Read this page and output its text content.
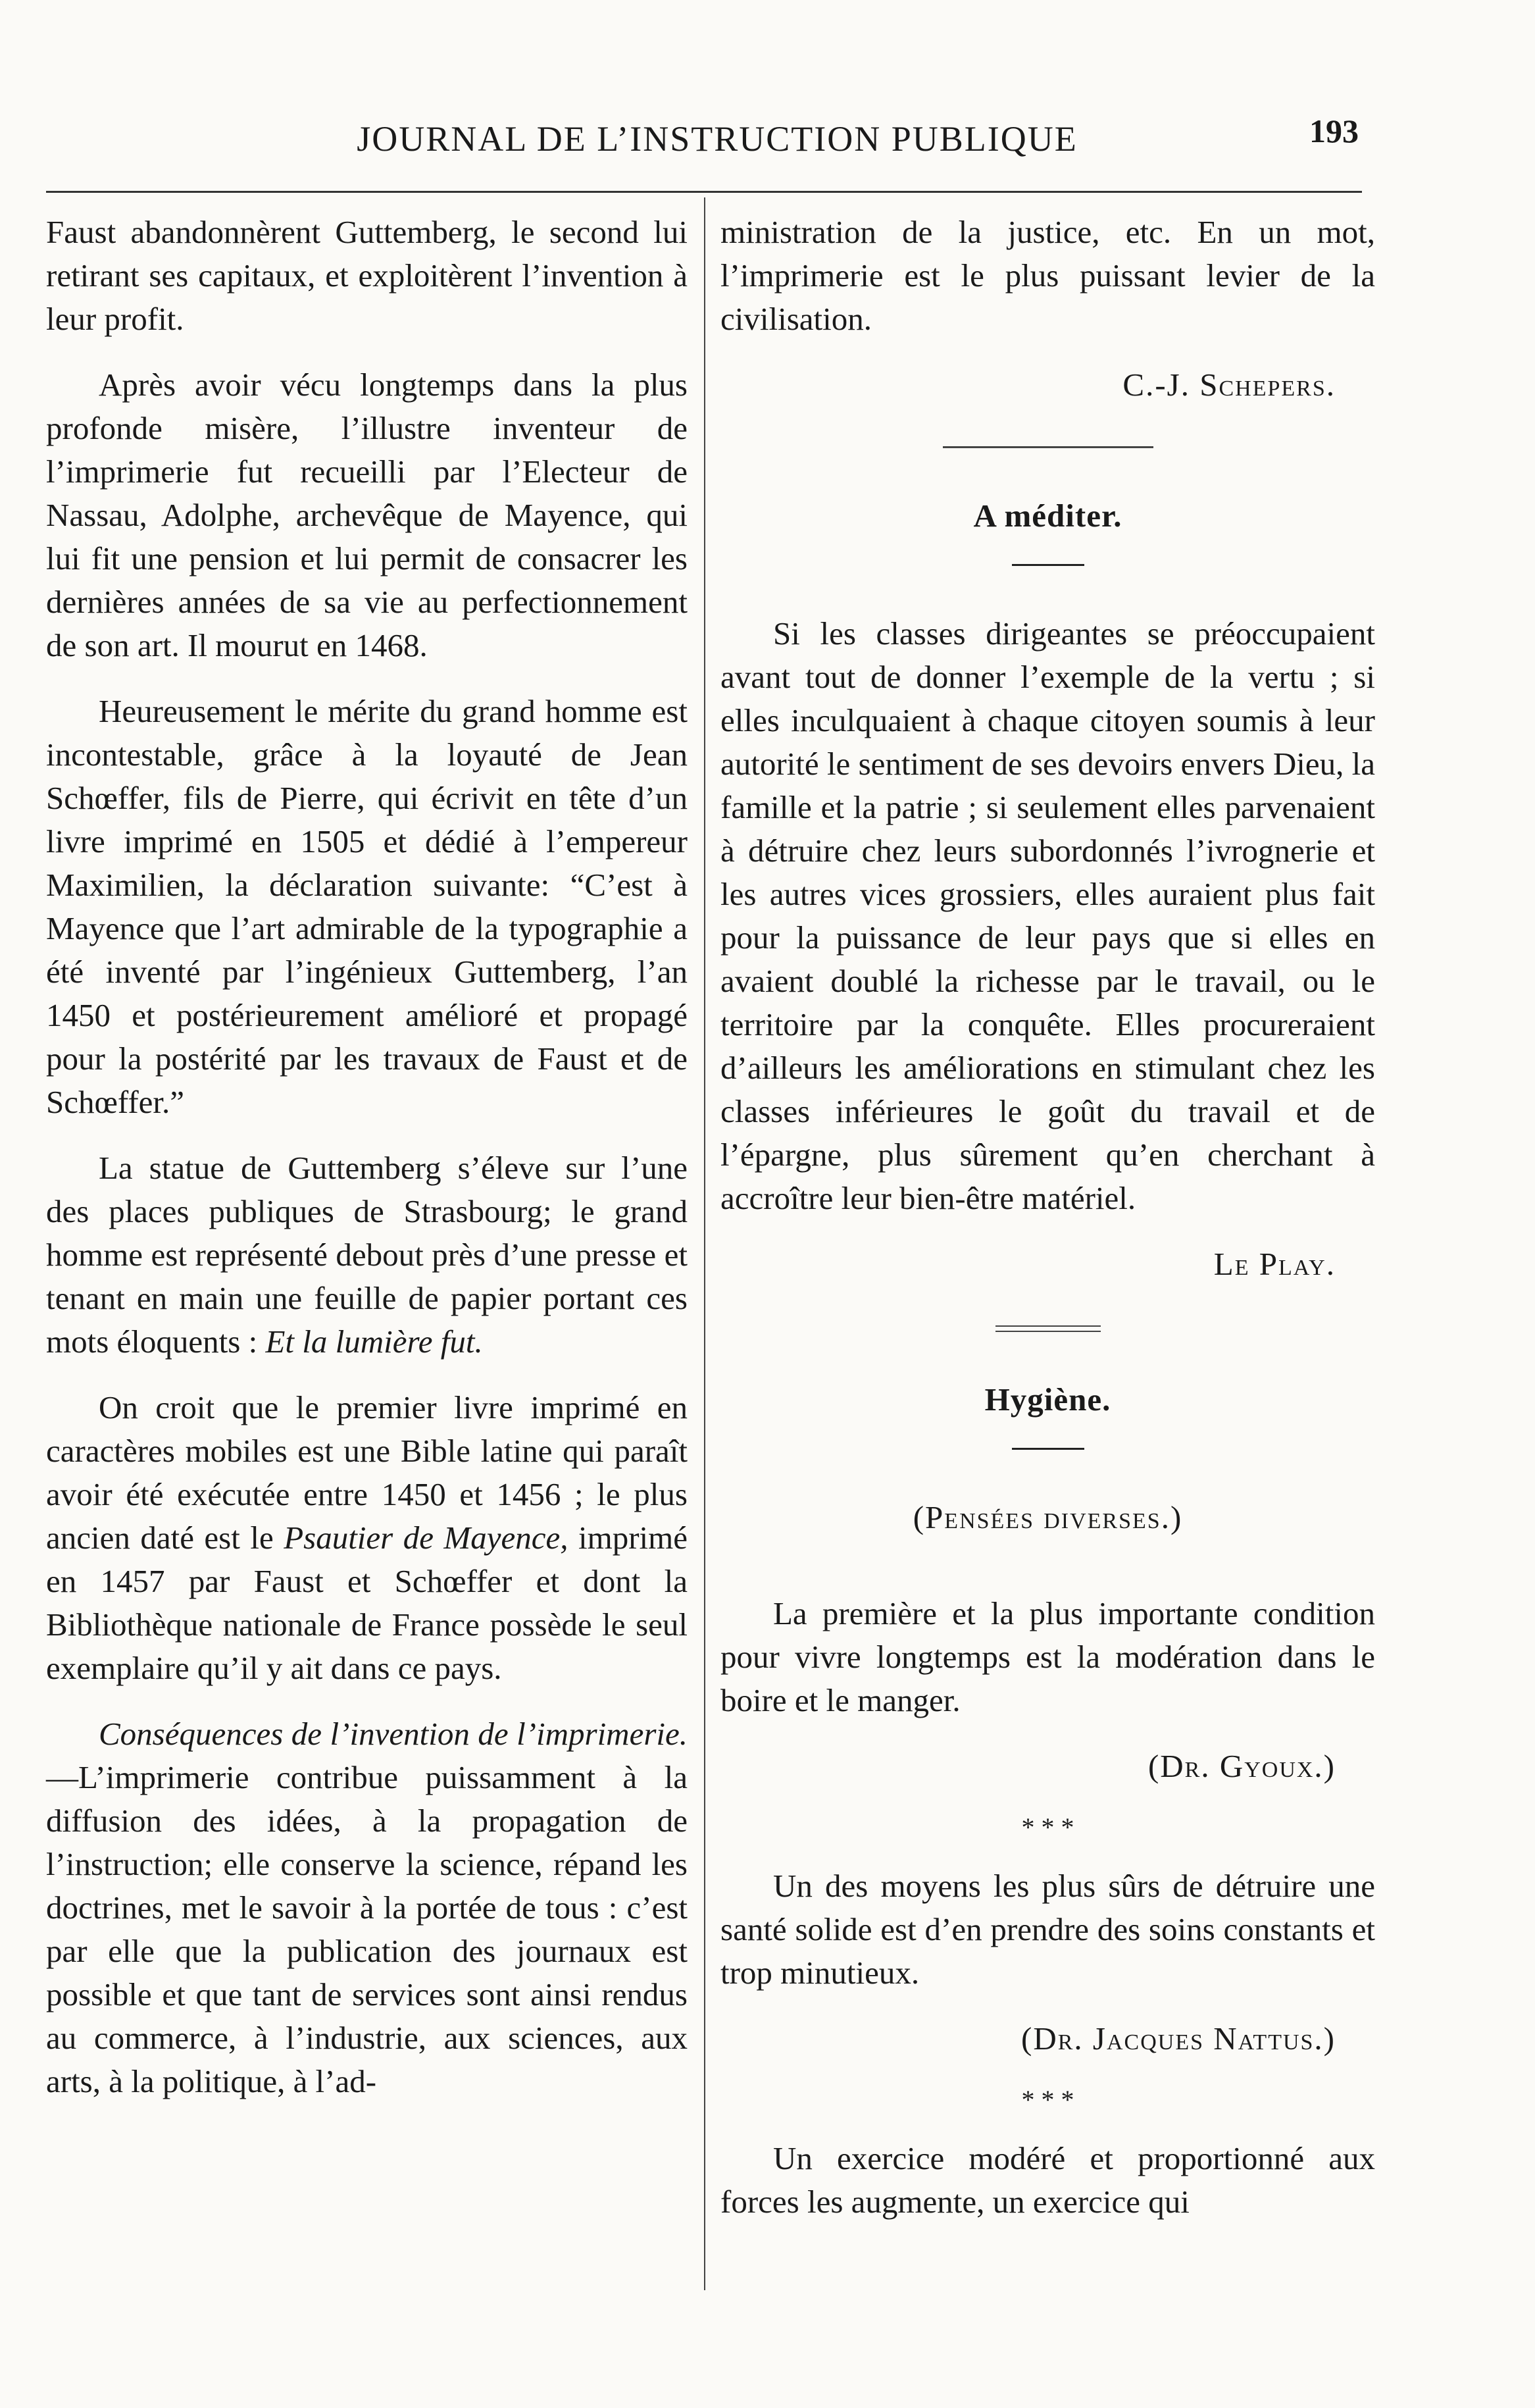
JOURNAL DE L’INSTRUCTION PUBLIQUE	193

Faust abandonnèrent Guttemberg, le second lui retirant ses capitaux, et exploitèrent l’invention à leur profit.

Après avoir vécu longtemps dans la plus profonde misère, l’illustre inventeur de l’imprimerie fut recueilli par l’Electeur de Nassau, Adolphe, archevêque de Mayence, qui lui fit une pension et lui permit de consacrer les dernières années de sa vie au perfectionnement de son art. Il mourut en 1468.

Heureusement le mérite du grand homme est incontestable, grâce à la loyauté de Jean Schœffer, fils de Pierre, qui écrivit en tête d’un livre imprimé en 1505 et dédié à l’empereur Maximilien, la déclaration suivante: “C’est à Mayence que l’art admirable de la typographie a été inventé par l’ingénieux Guttemberg, l’an 1450 et postérieurement amélioré et propagé pour la postérité par les travaux de Faust et de Schœffer.”

La statue de Guttemberg s’éleve sur l’une des places publiques de Strasbourg; le grand homme est représenté debout près d’une presse et tenant en main une feuille de papier portant ces mots éloquents : Et la lumière fut.

On croit que le premier livre imprimé en caractères mobiles est une Bible latine qui paraît avoir été exécutée entre 1450 et 1456 ; le plus ancien daté est le Psautier de Mayence, imprimé en 1457 par Faust et Schœffer et dont la Bibliothèque nationale de France possède le seul exemplaire qu’il y ait dans ce pays.

Conséquences de l’invention de l’imprimerie.—L’imprimerie contribue puissamment à la diffusion des idées, à la propagation de l’instruction; elle conserve la science, répand les doctrines, met le savoir à la portée de tous : c’est par elle que la publication des journaux est possible et que tant de services sont ainsi rendus au commerce, à l’industrie, aux sciences, aux arts, à la politique, à l’ad-

ministration de la justice, etc. En un mot, l’imprimerie est le plus puissant levier de la civilisation.

C.-J. Schepers.
A méditer.

Si les classes dirigeantes se préoccupaient avant tout de donner l’exemple de la vertu ; si elles inculquaient à chaque citoyen soumis à leur autorité le sentiment de ses devoirs envers Dieu, la famille et la patrie ; si seulement elles parvenaient à détruire chez leurs subordonnés l’ivrognerie et les autres vices grossiers, elles auraient plus fait pour la puissance de leur pays que si elles en avaient doublé la richesse par le travail, ou le territoire par la conquête. Elles procureraient d’ailleurs les améliorations en stimulant chez les classes inférieures le goût du travail et de l’épargne, plus sûrement qu’en cherchant à accroître leur bien-être matériel.

Le Play.
Hygiène.
(Pensées diverses.)

La première et la plus importante condition pour vivre longtemps est la modération dans le boire et le manger.

(Dr. Gyoux.)
* * *

Un des moyens les plus sûrs de détruire une santé solide est d’en prendre des soins constants et trop minutieux.

(Dr. Jacques Nattus.)
* * *

Un exercice modéré et proportionné aux forces les augmente, un exercice qui
